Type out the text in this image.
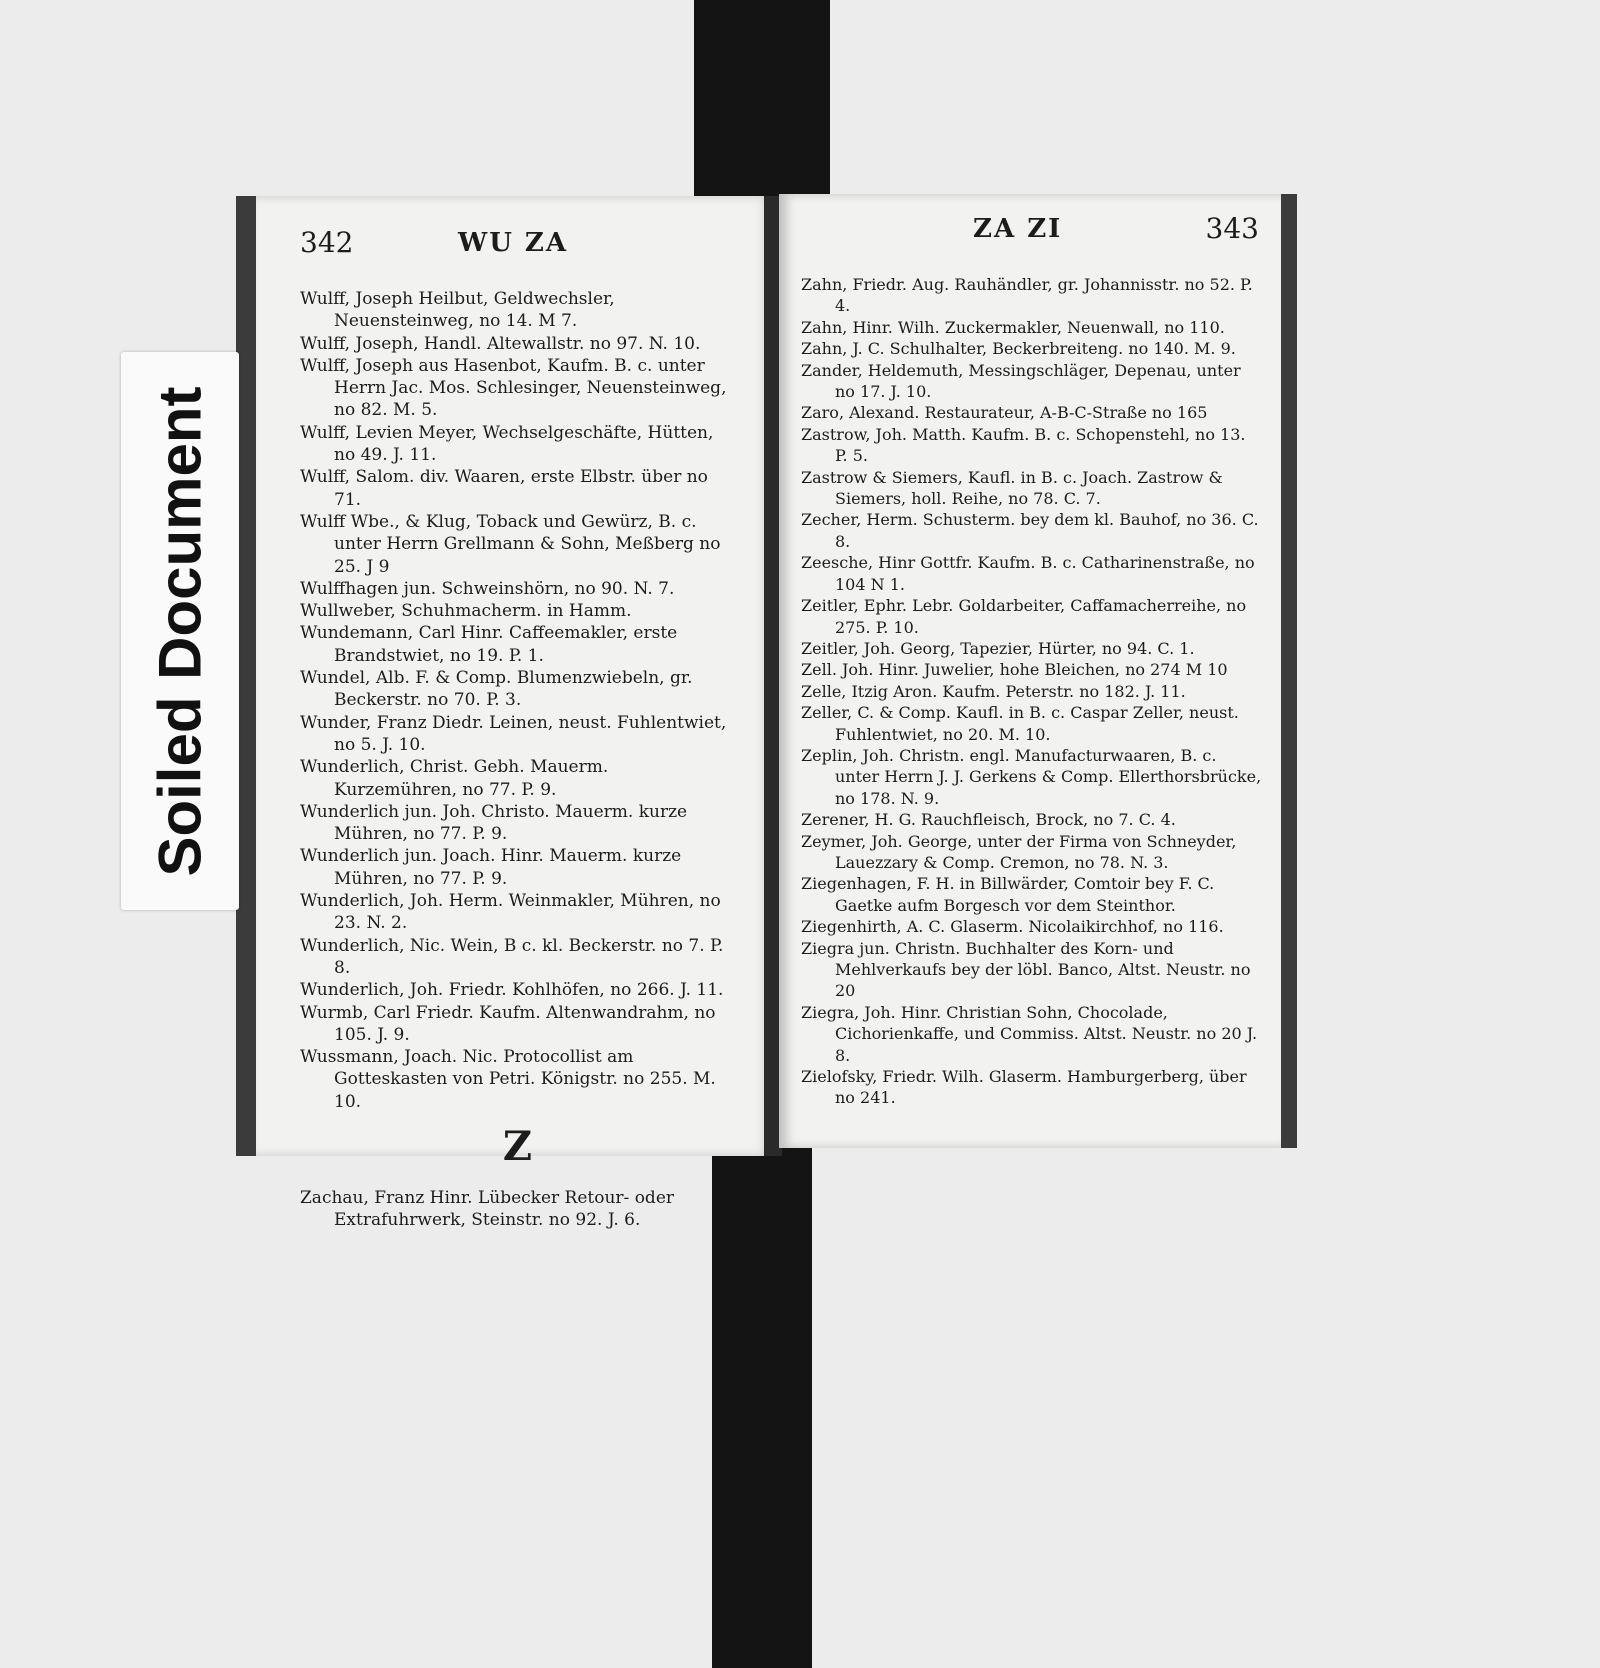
342	WU ZA

Wulff, Joseph Heilbut, Geldwechsler, Neuensteinweg, no 14. M 7.

Wulff, Joseph, Handl. Altewallstr. no 97. N. 10.

Wulff, Joseph aus Hasenbot, Kaufm. B. c. unter Herrn Jac. Mos. Schlesinger, Neuensteinweg, no 82. M. 5.

Wulff, Levien Meyer, Wechselgeschäfte, Hütten, no 49. J. 11.

Wulff, Salom. div. Waaren, erste Elbstr. über no 71.

Wulff Wbe., & Klug, Toback und Gewürz, B. c. unter Herrn Grellmann & Sohn, Meßberg no 25. J 9

Wulffhagen jun. Schweinshörn, no 90. N. 7.

Wullweber, Schuhmacherm. in Hamm.

Wundemann, Carl Hinr. Caffeemakler, erste Brandstwiet, no 19. P. 1.

Wundel, Alb. F. & Comp. Blumenzwiebeln, gr. Beckerstr. no 70. P. 3.

Wunder, Franz Diedr. Leinen, neust. Fuhlentwiet, no 5. J. 10.

Wunderlich, Christ. Gebh. Mauerm. Kurzemühren, no 77. P. 9.

Wunderlich jun. Joh. Christo. Mauerm. kurze Mühren, no 77. P. 9.

Wunderlich jun. Joach. Hinr. Mauerm. kurze Mühren, no 77. P. 9.

Wunderlich, Joh. Herm. Weinmakler, Mühren, no 23. N. 2.

Wunderlich, Nic. Wein, B c. kl. Beckerstr. no 7. P. 8.

Wunderlich, Joh. Friedr. Kohlhöfen, no 266. J. 11.

Wurmb, Carl Friedr. Kaufm. Altenwandrahm, no 105. J. 9.

Wussmann, Joach. Nic. Protocollist am Gotteskasten von Petri. Königstr. no 255. M. 10.

Z

Zachau, Franz Hinr. Lübecker Retour- oder Extrafuhrwerk, Steinstr. no 92. J. 6.

ZA ZI	343

Zahn, Friedr. Aug. Rauhändler, gr. Johannisstr. no 52. P. 4.

Zahn, Hinr. Wilh. Zuckermakler, Neuenwall, no 110.

Zahn, J. C. Schulhalter, Beckerbreiteng. no 140. M. 9.

Zander, Heldemuth, Messingschläger, Depenau, unter no 17. J. 10.

Zaro, Alexand. Restaurateur, A-B-C-Straße no 165

Zastrow, Joh. Matth. Kaufm. B. c. Schopenstehl, no 13. P. 5.

Zastrow & Siemers, Kaufl. in B. c. Joach. Zastrow & Siemers, holl. Reihe, no 78. C. 7.

Zecher, Herm. Schusterm. bey dem kl. Bauhof, no 36. C. 8.

Zeesche, Hinr Gottfr. Kaufm. B. c. Catharinenstraße, no 104 N 1.

Zeitler, Ephr. Lebr. Goldarbeiter, Caffamacherreihe, no 275. P. 10.

Zeitler, Joh. Georg, Tapezier, Hürter, no 94. C. 1.

Zell. Joh. Hinr. Juwelier, hohe Bleichen, no 274 M 10

Zelle, Itzig Aron. Kaufm. Peterstr. no 182. J. 11.

Zeller, C. & Comp. Kaufl. in B. c. Caspar Zeller, neust. Fuhlentwiet, no 20. M. 10.

Zeplin, Joh. Christn. engl. Manufacturwaaren, B. c. unter Herrn J. J. Gerkens & Comp. Ellerthorsbrücke, no 178. N. 9.

Zerener, H. G. Rauchfleisch, Brock, no 7. C. 4.

Zeymer, Joh. George, unter der Firma von Schneyder, Lauezzary & Comp. Cremon, no 78. N. 3.

Ziegenhagen, F. H. in Billwärder, Comtoir bey F. C. Gaetke aufm Borgesch vor dem Steinthor.

Ziegenhirth, A. C. Glaserm. Nicolaikirchhof, no 116.

Ziegra jun. Christn. Buchhalter des Korn- und Mehlverkaufs bey der löbl. Banco, Altst. Neustr. no 20

Ziegra, Joh. Hinr. Christian Sohn, Chocolade, Cichorienkaffe, und Commiss. Altst. Neustr. no 20 J. 8.

Zielofsky, Friedr. Wilh. Glaserm. Hamburgerberg, über no 241.

Soiled Document
